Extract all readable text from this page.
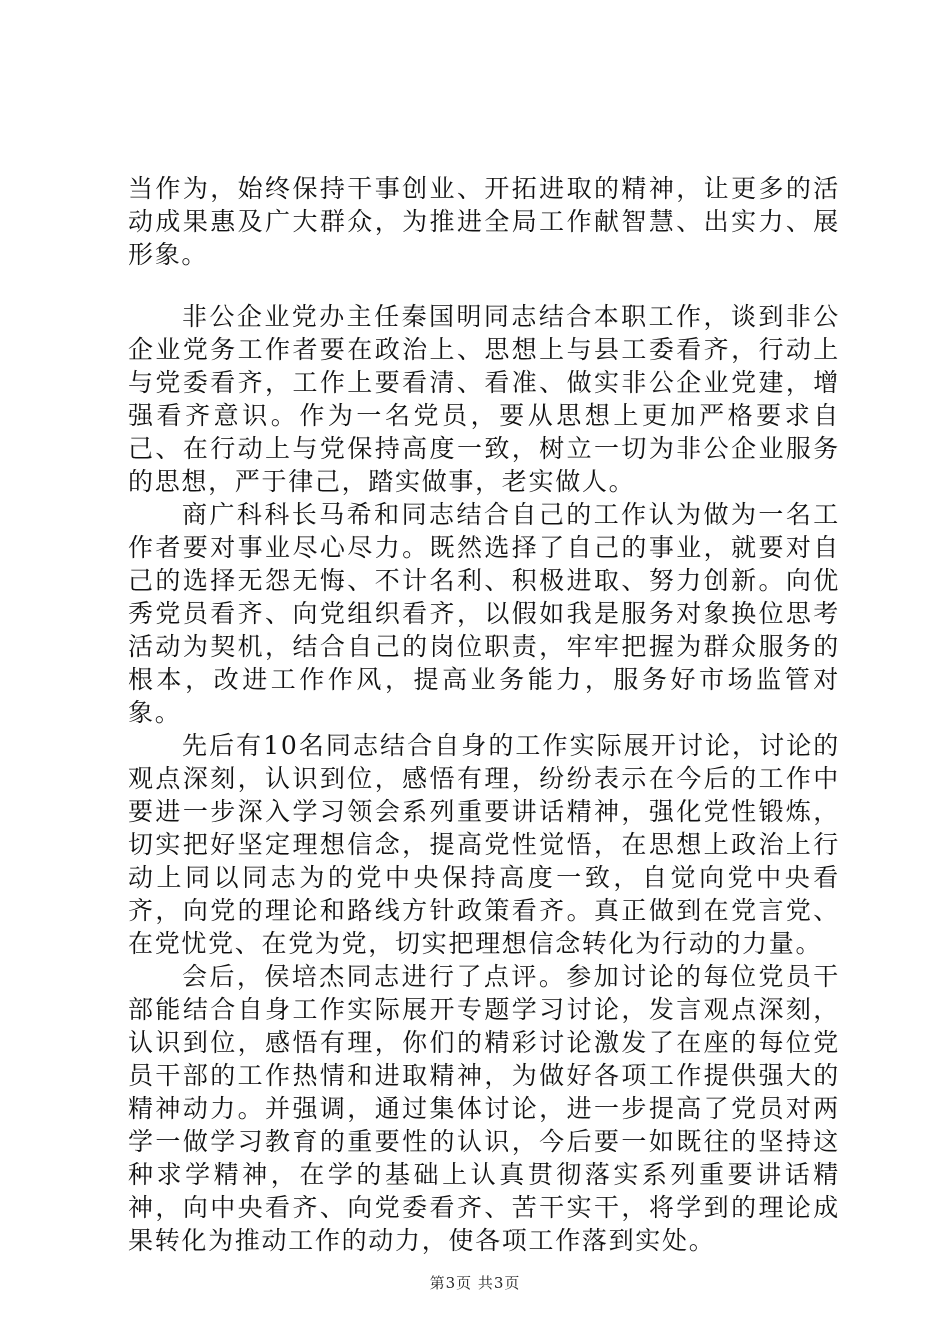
当作为，始终保持干事创业、开拓进取的精神，让更多的活动成果惠及广大群众，为推进全局工作献智慧、出实力、展形象。

非公企业党办主任秦国明同志结合本职工作，谈到非公企业党务工作者要在政治上、思想上与县工委看齐，行动上与党委看齐，工作上要看清、看准、做实非公企业党建，增强看齐意识。作为一名党员，要从思想上更加严格要求自己、在行动上与党保持高度一致，树立一切为非公企业服务的思想，严于律己，踏实做事，老实做人。

商广科科长马希和同志结合自己的工作认为做为一名工作者要对事业尽心尽力。既然选择了自己的事业，就要对自己的选择无怨无悔、不计名利、积极进取、努力创新。向优秀党员看齐、向党组织看齐，以假如我是服务对象换位思考活动为契机，结合自己的岗位职责，牢牢把握为群众服务的根本，改进工作作风，提高业务能力，服务好市场监管对象。

先后有10名同志结合自身的工作实际展开讨论，讨论的观点深刻，认识到位，感悟有理，纷纷表示在今后的工作中要进一步深入学习领会系列重要讲话精神，强化党性锻炼，切实把好坚定理想信念，提高党性觉悟，在思想上政治上行动上同以同志为的党中央保持高度一致，自觉向党中央看齐，向党的理论和路线方针政策看齐。真正做到在党言党、在党忧党、在党为党，切实把理想信念转化为行动的力量。

会后，侯培杰同志进行了点评。参加讨论的每位党员干部能结合自身工作实际展开专题学习讨论，发言观点深刻，认识到位，感悟有理，你们的精彩讨论激发了在座的每位党员干部的工作热情和进取精神，为做好各项工作提供强大的精神动力。并强调，通过集体讨论，进一步提高了党员对两学一做学习教育的重要性的认识，今后要一如既往的坚持这种求学精神，在学的基础上认真贯彻落实系列重要讲话精神，向中央看齐、向党委看齐、苦干实干，将学到的理论成果转化为推动工作的动力，使各项工作落到实处。

第3页 共3页
